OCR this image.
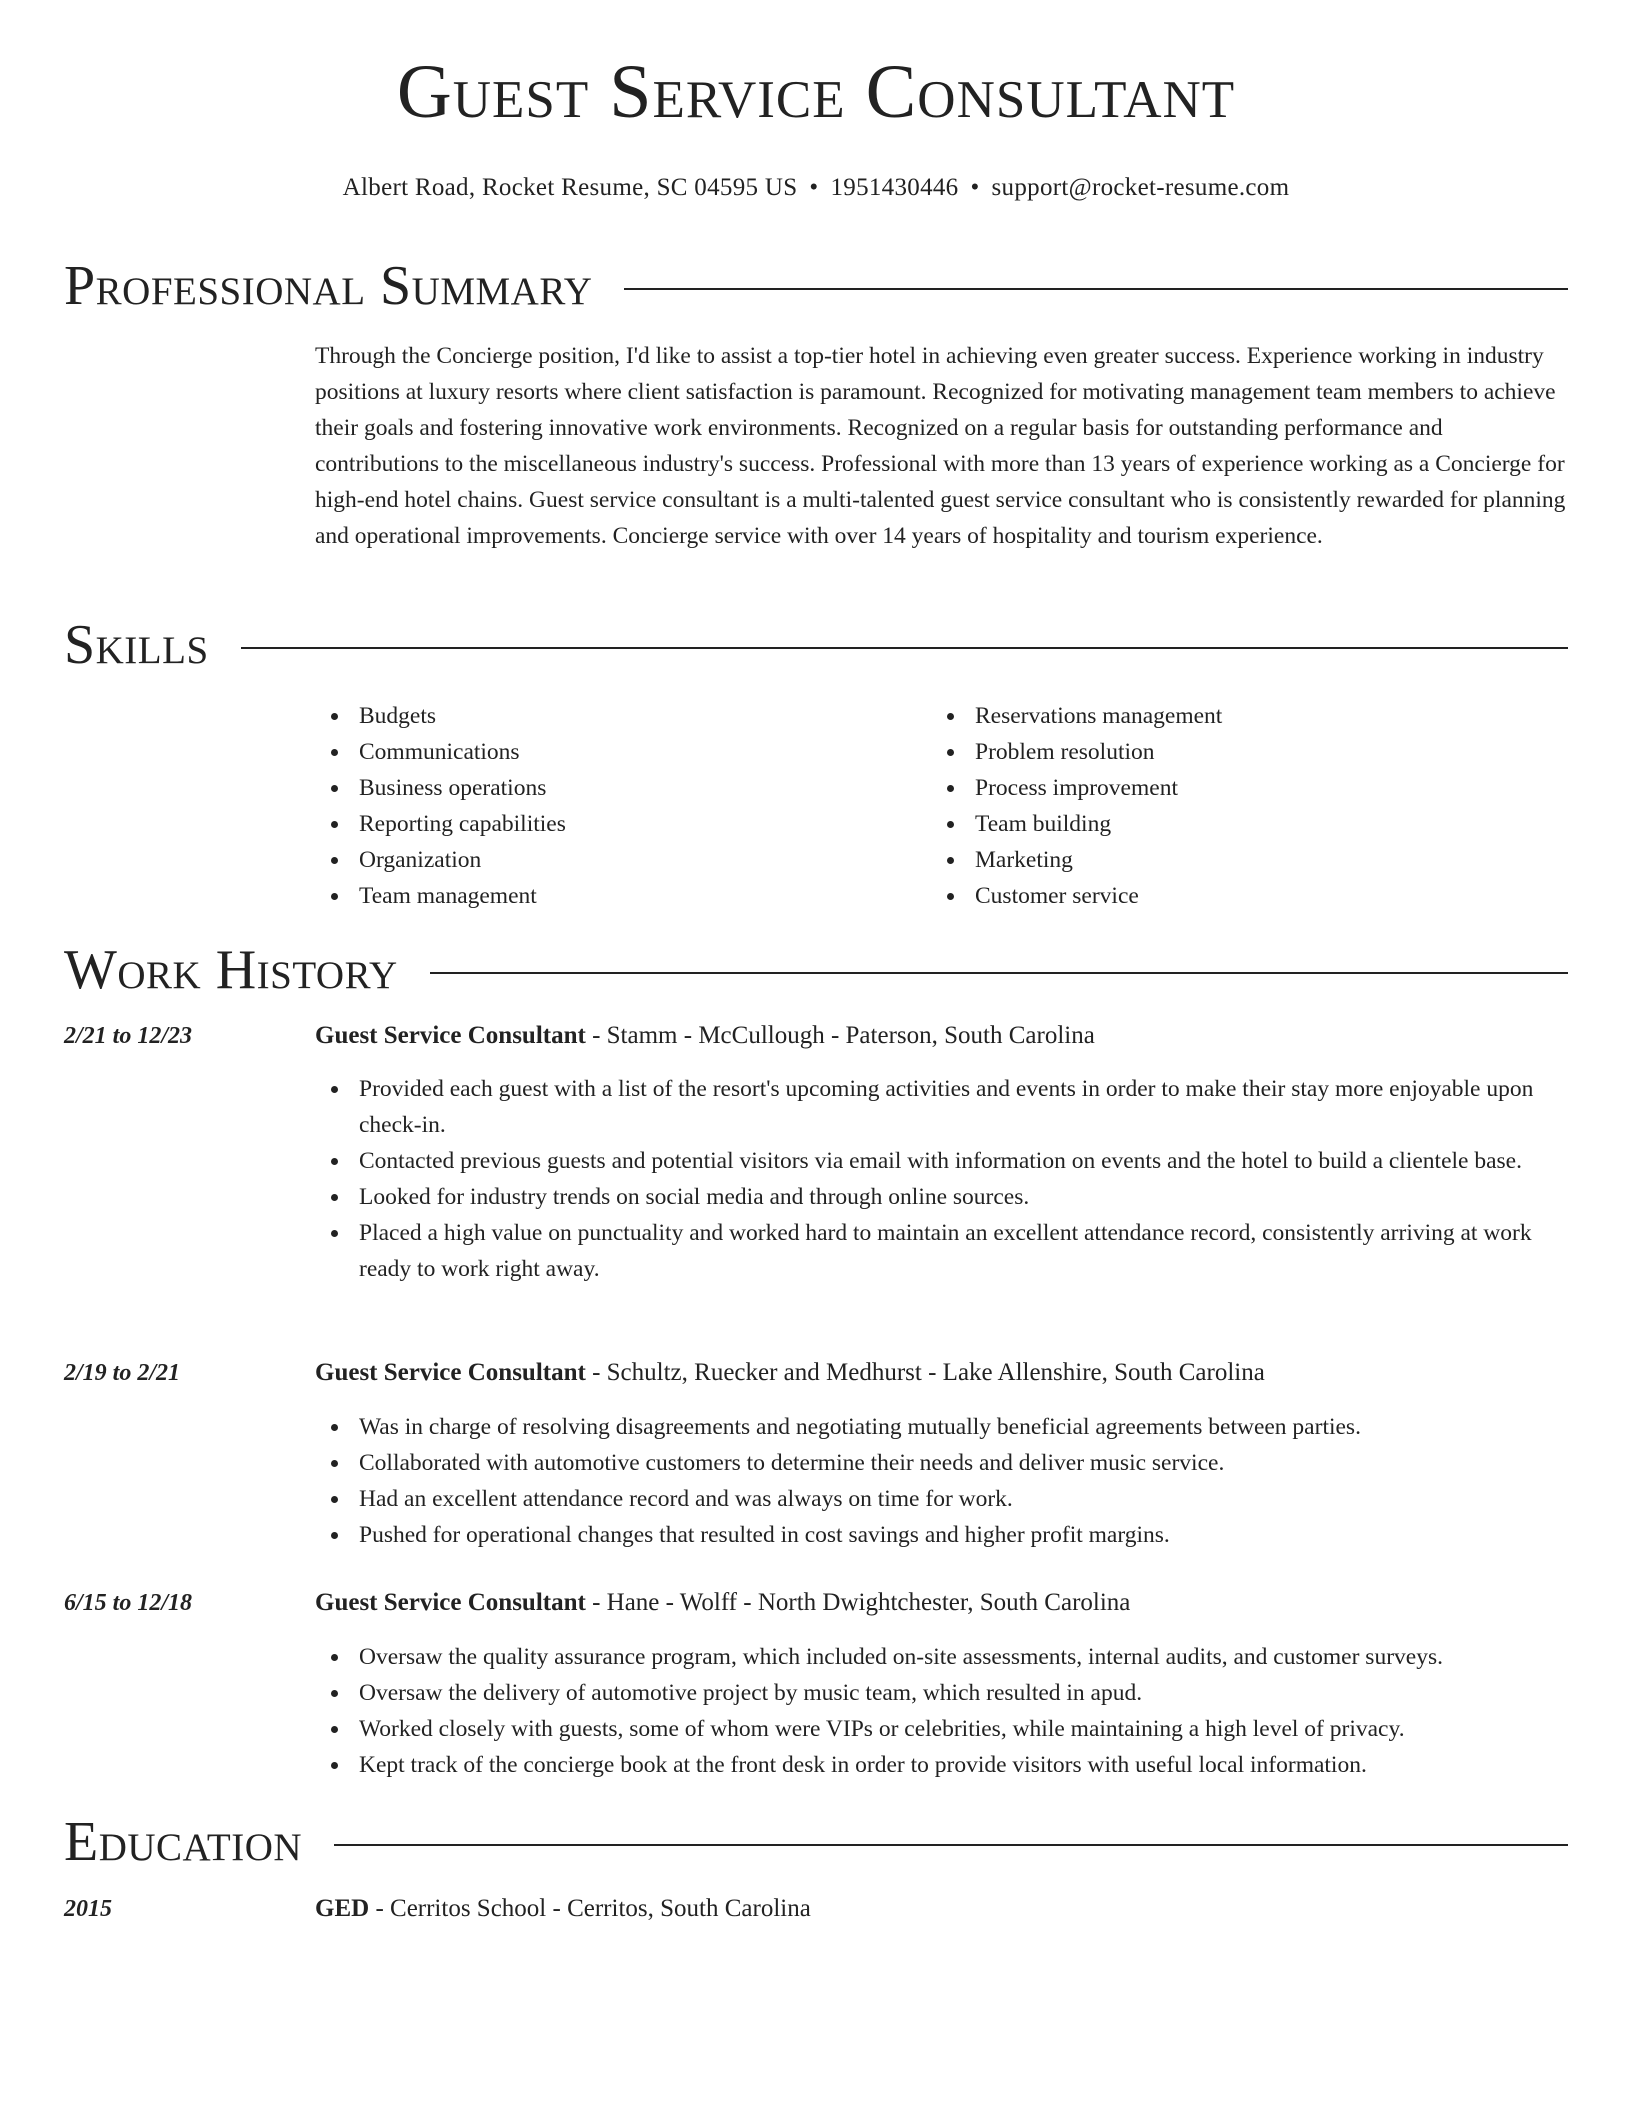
Guest Service Consultant
Albert Road, Rocket Resume, SC 04595 US • 1951430446 • support@rocket-resume.com
Professional Summary

Through the Concierge position, I'd like to assist a top-tier hotel in achieving even greater success. Experience working in industry positions at luxury resorts where client satisfaction is paramount. Recognized for motivating management team members to achieve their goals and fostering innovative work environments. Recognized on a regular basis for outstanding performance and contributions to the miscellaneous industry's success. Professional with more than 13 years of experience working as a Concierge for high-end hotel chains. Guest service consultant is a multi-talented guest service consultant who is consistently rewarded for planning and operational improvements. Concierge service with over 14 years of hospitality and tourism experience.

Skills
Budgets
Communications
Business operations
Reporting capabilities
Organization
Team management
Reservations management
Problem resolution
Process improvement
Team building
Marketing
Customer service
Work History
2/21 to 12/23	Guest Service Consultant - Stamm - McCullough - Paterson, South Carolina
Provided each guest with a list of the resort's upcoming activities and events in order to make their stay more enjoyable upon check-in.
Contacted previous guests and potential visitors via email with information on events and the hotel to build a clientele base.
Looked for industry trends on social media and through online sources.
Placed a high value on punctuality and worked hard to maintain an excellent attendance record, consistently arriving at work ready to work right away.
2/19 to 2/21	Guest Service Consultant - Schultz, Ruecker and Medhurst - Lake Allenshire, South Carolina
Was in charge of resolving disagreements and negotiating mutually beneficial agreements between parties.
Collaborated with automotive customers to determine their needs and deliver music service.
Had an excellent attendance record and was always on time for work.
Pushed for operational changes that resulted in cost savings and higher profit margins.
6/15 to 12/18	Guest Service Consultant - Hane - Wolff - North Dwightchester, South Carolina
Oversaw the quality assurance program, which included on-site assessments, internal audits, and customer surveys.
Oversaw the delivery of automotive project by music team, which resulted in apud.
Worked closely with guests, some of whom were VIPs or celebrities, while maintaining a high level of privacy.
Kept track of the concierge book at the front desk in order to provide visitors with useful local information.
Education
2015	GED - Cerritos School - Cerritos, South Carolina
